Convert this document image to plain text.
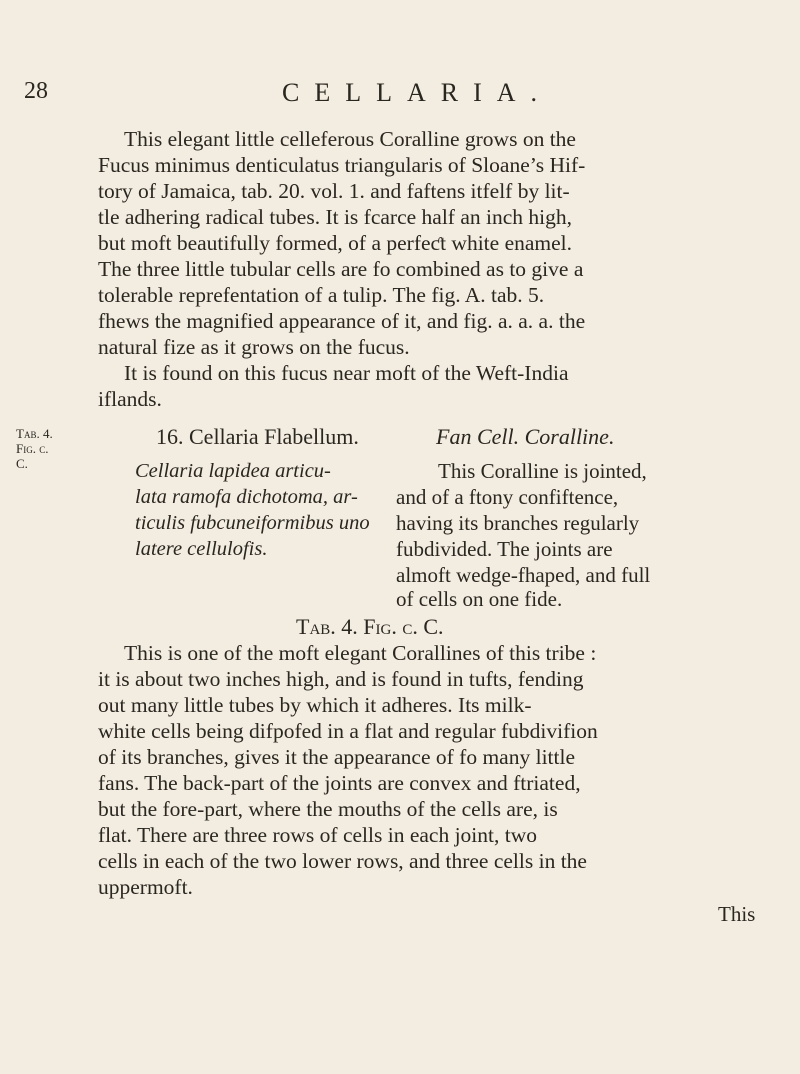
28	CELLARIA.
This elegant little celleferous Coralline grows on the
Fucus minimus denticulatus triangularis of Sloane’s Hif-
tory of Jamaica, tab. 20. vol. 1. and faftens itfelf by lit-
tle adhering radical tubes. It is fcarce half an inch high,
but moft beautifully formed, of a perfeƈt white enamel.
The three little tubular cells are fo combined as to give a
tolerable reprefentation of a tulip. The fig. A. tab. 5.
fhews the magnified appearance of it, and fig. a. a. a. the
natural fize as it grows on the fucus.
It is found on this fucus near moft of the Weft-India
iflands.
Tab. 4.
Fig. c.
C.
16. Cellaria Flabellum.	Fan Cell. Coralline.
Cellaria lapidea articu-
lata ramofa dichotoma, ar-
ticulis fubcuneiformibus uno
latere cellulofis.
This Coralline is jointed,
and of a ftony confiftence,
having its branches regularly
fubdivided. The joints are
almoft wedge-fhaped, and full
of cells on one fide.
Tab. 4. Fig. c. C.
This is one of the moft elegant Corallines of this tribe :
it is about two inches high, and is found in tufts, fending
out many little tubes by which it adheres. Its milk-
white cells being difpofed in a flat and regular fubdivifion
of its branches, gives it the appearance of fo many little
fans. The back-part of the joints are convex and ftriated,
but the fore-part, where the mouths of the cells are, is
flat. There are three rows of cells in each joint, two
cells in each of the two lower rows, and three cells in the
uppermoft.
This
